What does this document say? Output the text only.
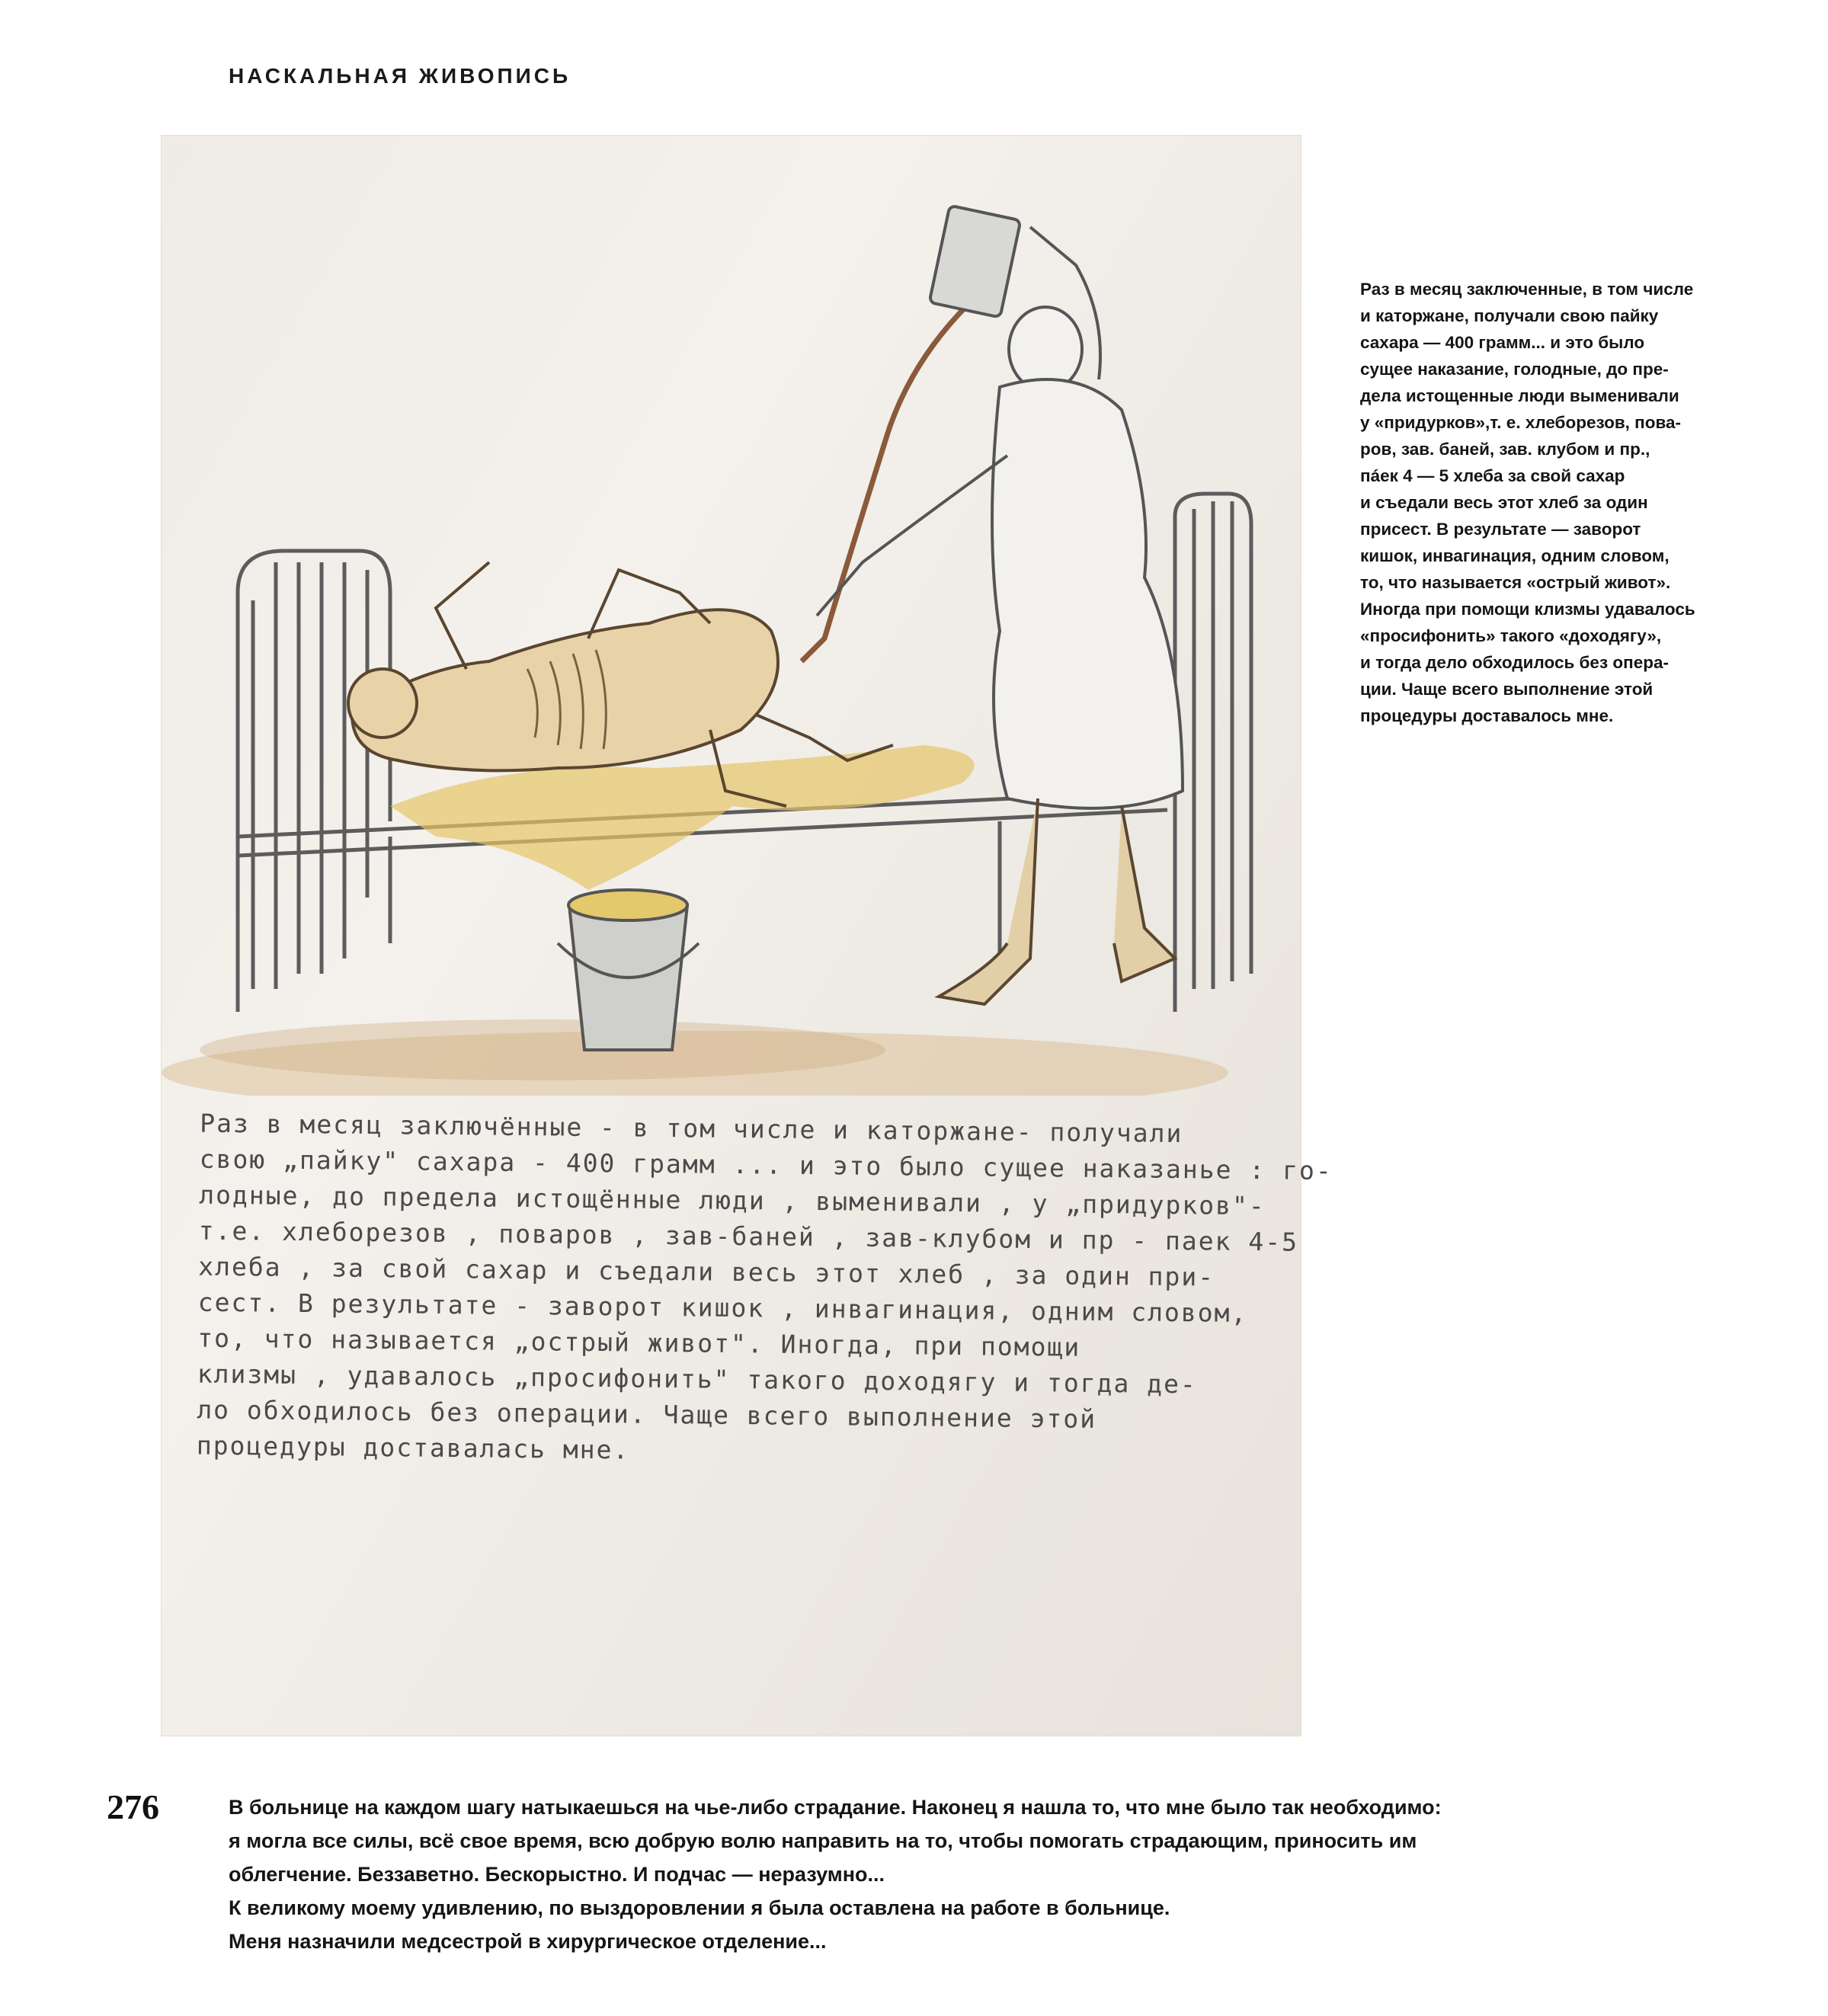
НАСКАЛЬНАЯ ЖИВОПИСЬ
Раз в месяц заключённые - в том числе и каторжане- получали
свою „пайку" сахара - 400 грамм ... и это было сущее наказанье : го-
лодные, до предела истощённые люди , выменивали , у „придурков"-
т.е. хлеборезов , поваров , зав-баней , зав-клубом и пр - паек 4-5
хлеба , за свой сахар и съедали весь этот хлеб , за один при-
сест. В результате - заворот кишок , инвагинация, одним словом,
то, что называется „острый живот". Иногда, при помощи
клизмы , удавалось „просифонить" такого доходягу и тогда де-
ло обходилось без операции. Чаще всего выполнение этой
процедуры доставалась мне.
Раз в месяц заключенные, в том числе
и каторжане, получали свою пайку
сахара — 400 грамм... и это было
сущее наказание, голодные, до пре-
дела истощенные люди выменивали
у «придурков»,т. е. хлеборезов, пова-
ров, зав. баней, зав. клубом и пр.,
пáек 4 — 5 хлеба за свой сахар
и съедали весь этот хлеб за один
присест. В результате — заворот
кишок, инвагинация, одним словом,
то, что называется «острый живот».
Иногда при помощи клизмы удавалось
«просифонить» такого «доходягу»,
и тогда дело обходилось без опера-
ции. Чаще всего выполнение этой
процедуры доставалось мне.
276	В больнице на каждом шагу натыкаешься на чье-либо страдание. Наконец я нашла то, что мне было так необходимо:
я могла все силы, всё свое время, всю добрую волю направить на то, чтобы помогать страдающим, приносить им
облегчение. Беззаветно. Бескорыстно. И подчас — неразумно...
К великому моему удивлению, по выздоровлении я была оставлена на работе в больнице.
Меня назначили медсестрой в хирургическое отделение...
